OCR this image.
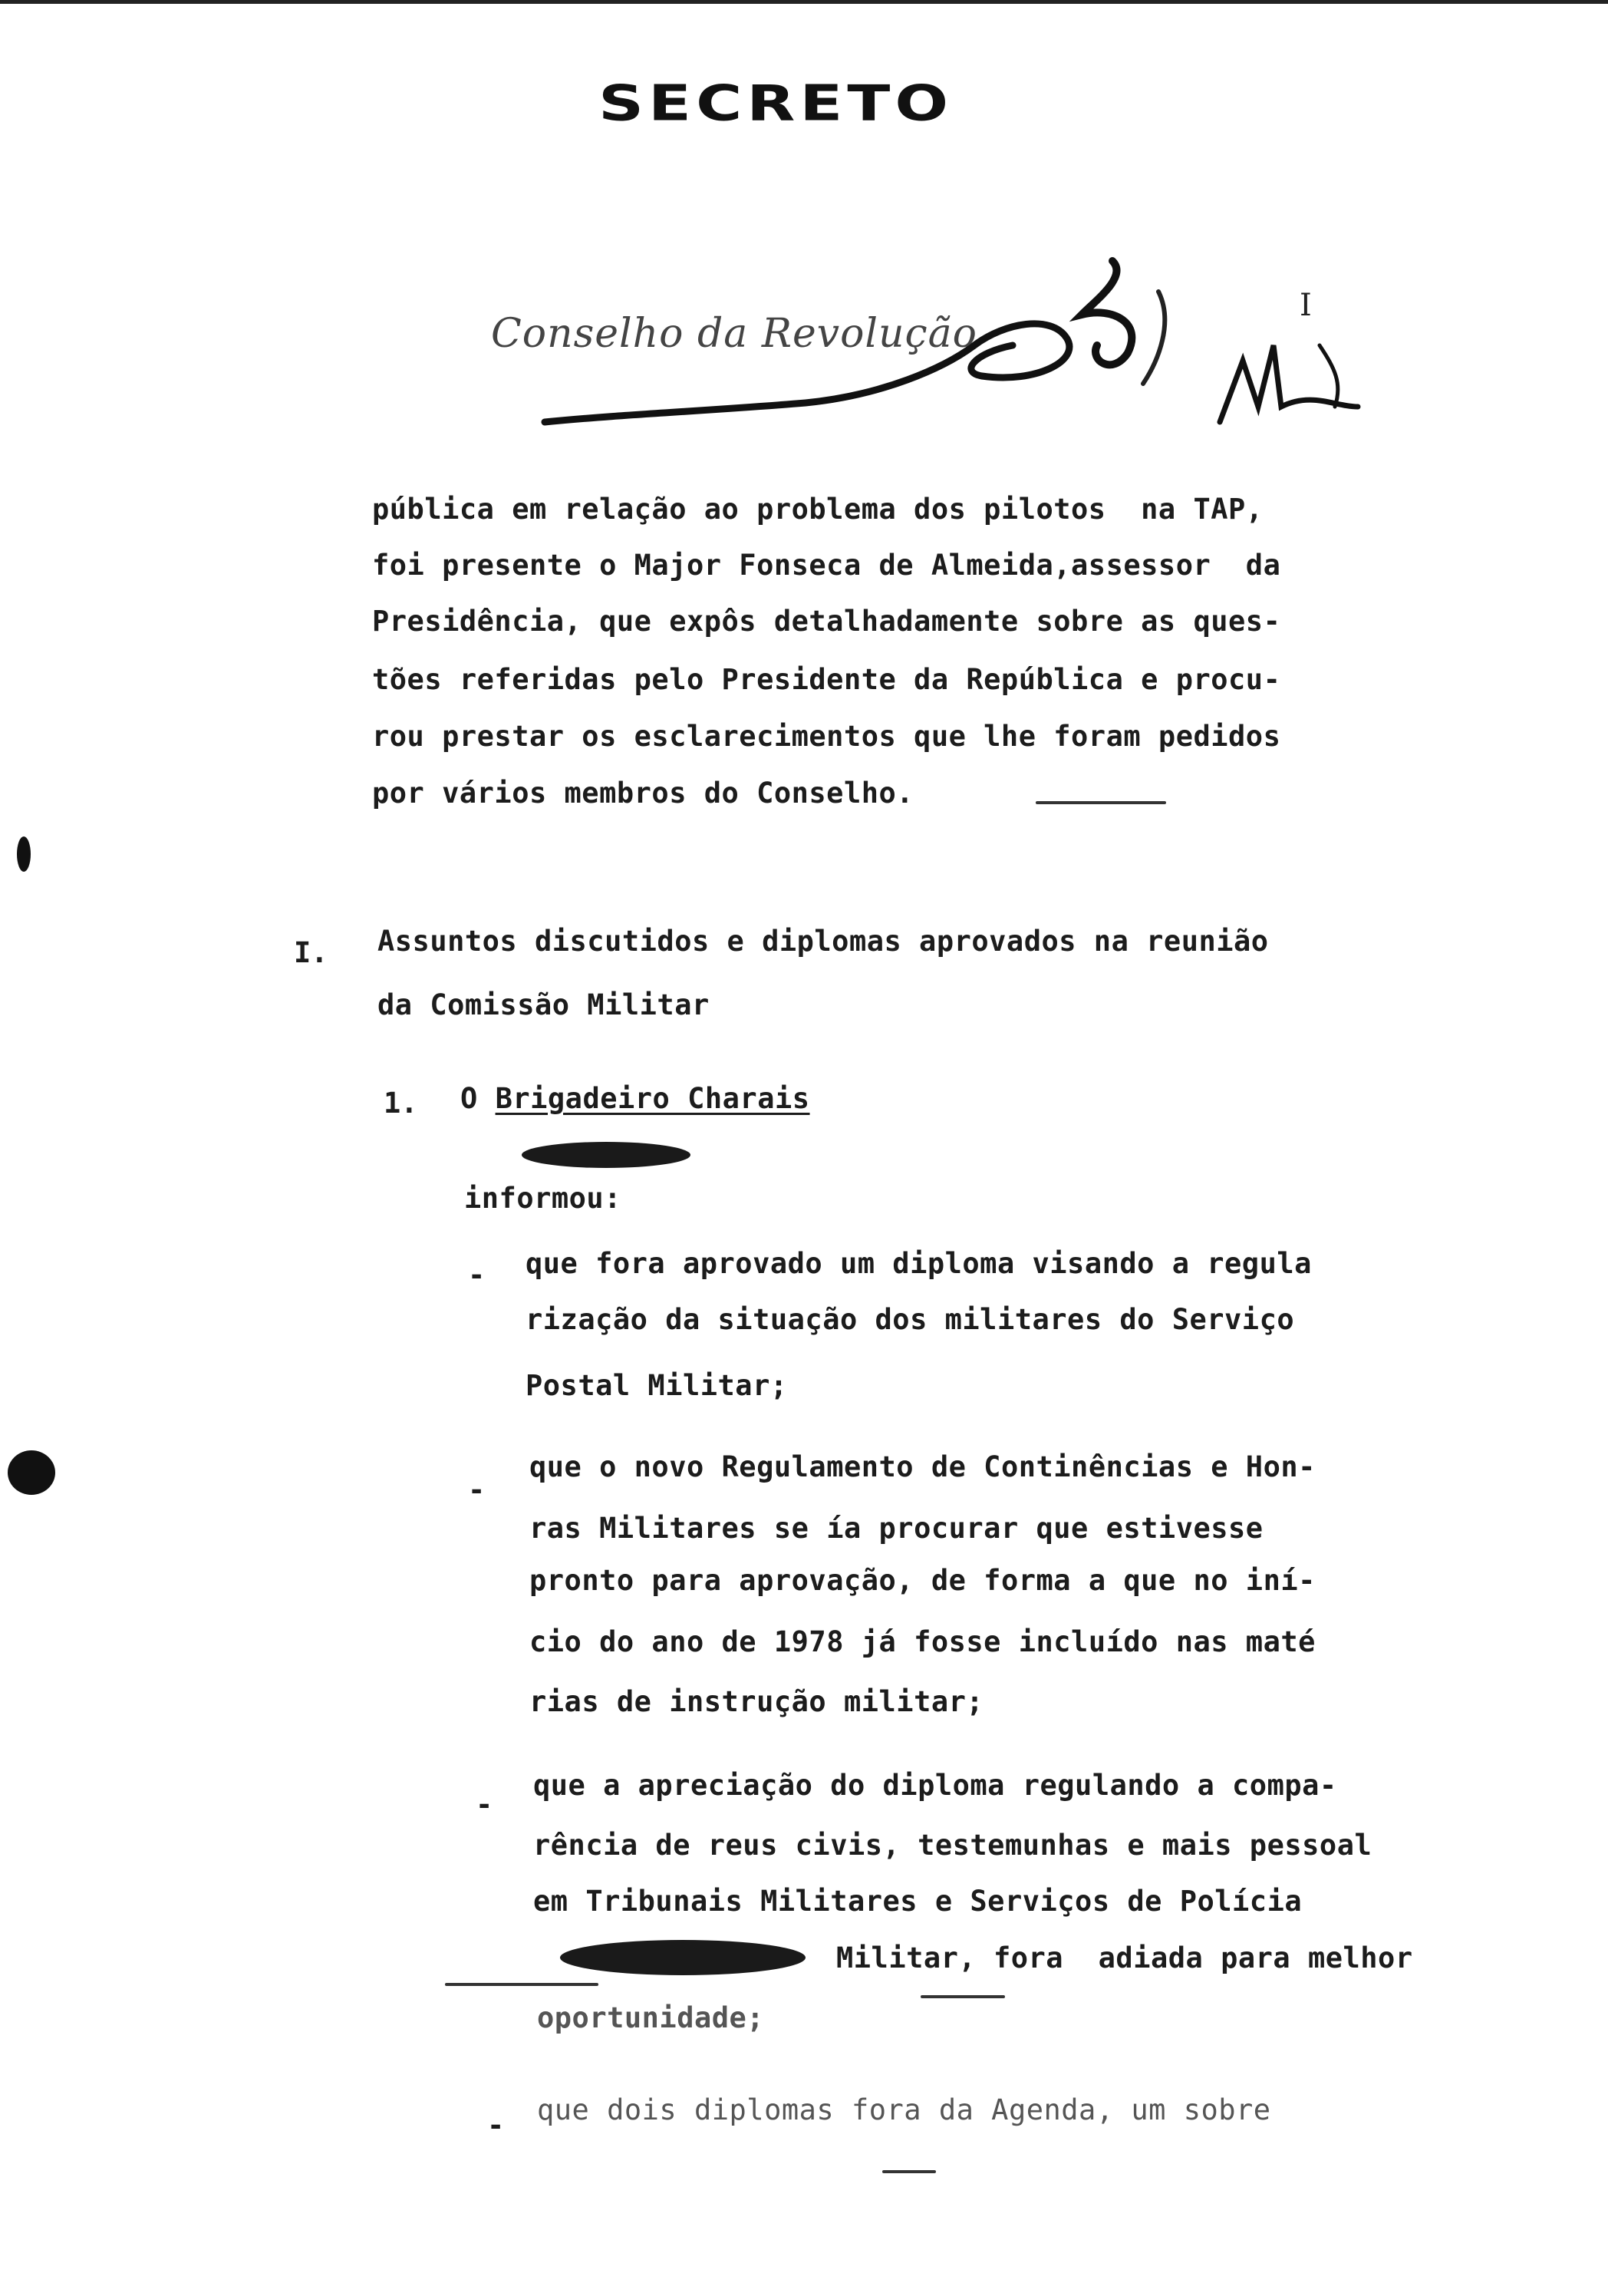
SECRETO
Conselho da Revolução
I
pública em relação ao problema dos pilotos  na TAP,
foi presente o Major Fonseca de Almeida,assessor  da
Presidência, que expôs detalhadamente sobre as ques-
tões referidas pelo Presidente da República e procu-
rou prestar os esclarecimentos que lhe foram pedidos
por vários membros do Conselho.
I. Assuntos discutidos e diplomas aprovados na reunião
da Comissão Militar
1. O Brigadeiro Charais
informou:
- que fora aprovado um diploma visando a regula
rização da situação dos militares do Serviço
Postal Militar;
-
que o novo Regulamento de Continências e Hon-
ras Militares se ía procurar que estivesse
pronto para aprovação, de forma a que no iní-
cio do ano de 1978 já fosse incluído nas maté
rias de instrução militar;
-
que a apreciação do diploma regulando a compa-
rência de reus civis, testemunhas e mais pessoal
em Tribunais Militares e Serviços de Polícia
Militar, fora  adiada para melhor
oportunidade;
- que dois diplomas fora da Agenda, um sobre
